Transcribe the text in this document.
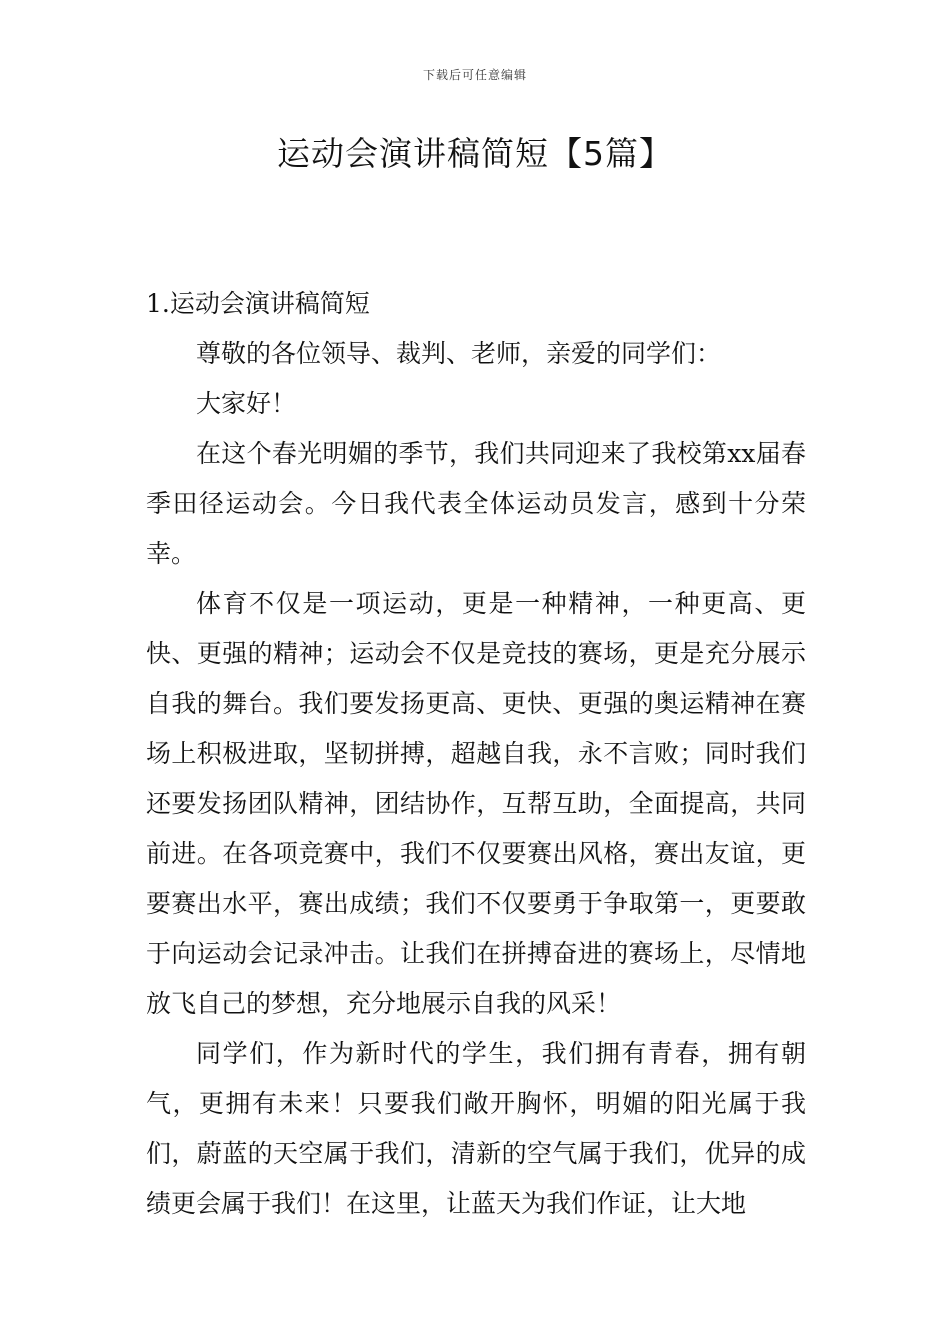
下载后可任意编辑
运动会演讲稿简短【5篇】

1.运动会演讲稿简短

尊敬的各位领导、裁判、老师，亲爱的同学们：

大家好！

在这个春光明媚的季节，我们共同迎来了我校第xx届春季田径运动会。今日我代表全体运动员发言，感到十分荣幸。

体育不仅是一项运动，更是一种精神，一种更高、更快、更强的精神；运动会不仅是竞技的赛场，更是充分展示自我的舞台。我们要发扬更高、更快、更强的奥运精神在赛场上积极进取，坚韧拼搏，超越自我，永不言败；同时我们还要发扬团队精神，团结协作，互帮互助，全面提高，共同前进。在各项竞赛中，我们不仅要赛出风格，赛出友谊，更要赛出水平，赛出成绩；我们不仅要勇于争取第一，更要敢于向运动会记录冲击。让我们在拼搏奋进的赛场上，尽情地放飞自己的梦想，充分地展示自我的风采！

同学们，作为新时代的学生，我们拥有青春，拥有朝气，更拥有未来！只要我们敞开胸怀，明媚的阳光属于我们，蔚蓝的天空属于我们，清新的空气属于我们，优异的成绩更会属于我们！在这里，让蓝天为我们作证，让大地
